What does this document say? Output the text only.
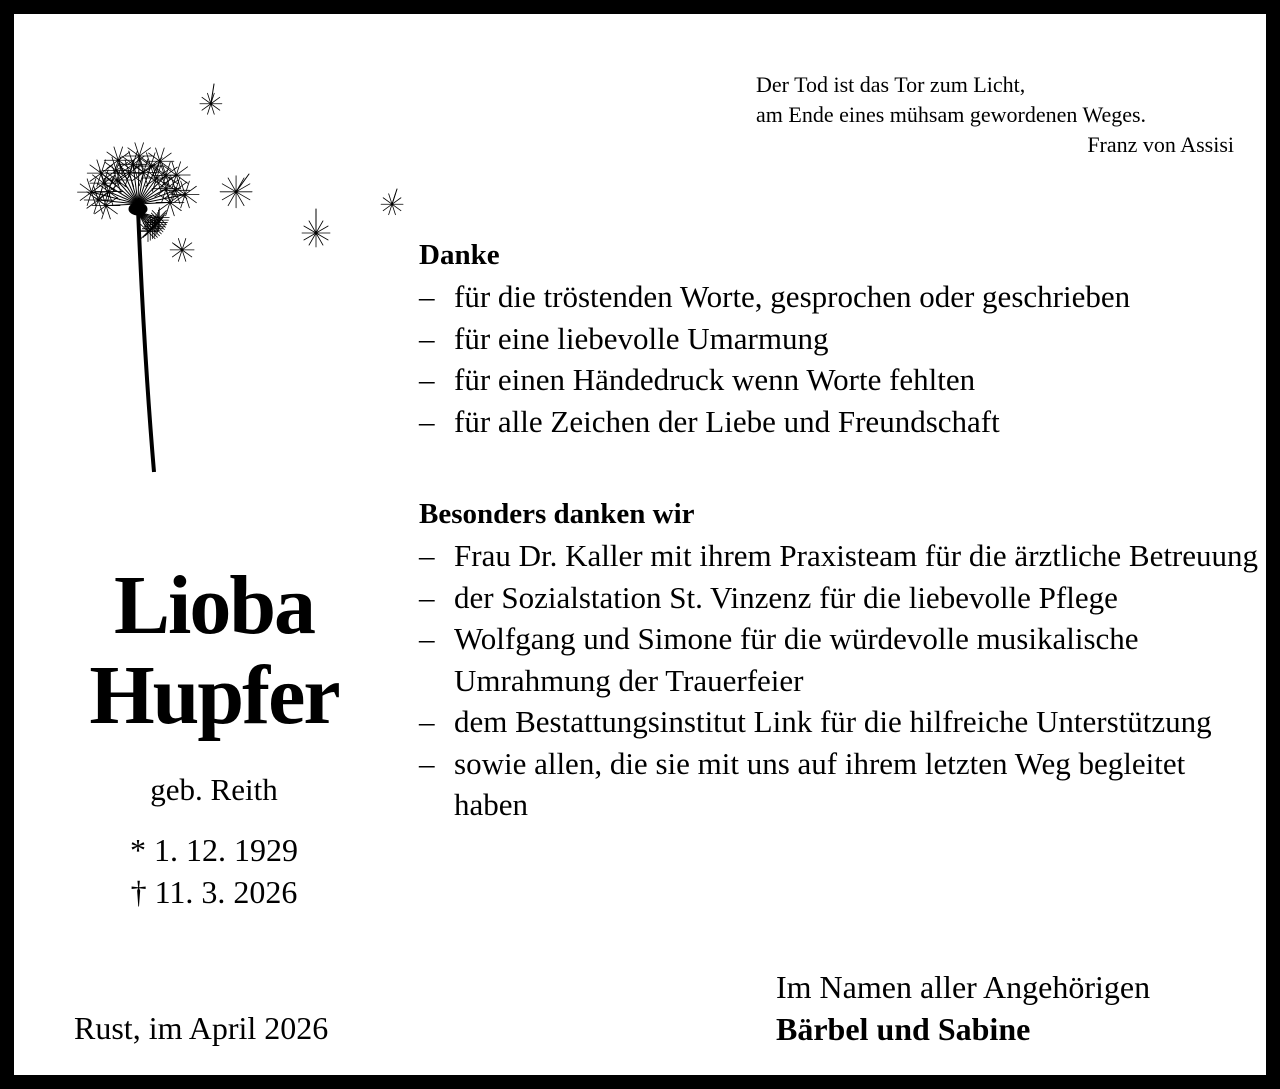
Der Tod ist das Tor zum Licht,
am Ende eines mühsam gewordenen Weges.
Franz von Assisi
Danke
– für die tröstenden Worte, gesprochen oder geschrieben
– für eine liebevolle Umarmung
– für einen Händedruck wenn Worte fehlten
– für alle Zeichen der Liebe und Freundschaft
Besonders danken wir
– Frau Dr. Kaller mit ihrem Praxisteam für die ärztliche Betreuung
– der Sozialstation St. Vinzenz für die liebevolle Pflege
– Wolfgang und Simone für die würdevolle musikalische Umrahmung der Trauerfeier
– dem Bestattungsinstitut Link für die hilfreiche Unterstützung
– sowie allen, die sie mit uns auf ihrem letzten Weg begleitet haben
Lioba
Hupfer
geb. Reith
* 1. 12. 1929
† 11. 3. 2026
Rust, im April 2026
Im Namen aller Angehörigen
Bärbel und Sabine
